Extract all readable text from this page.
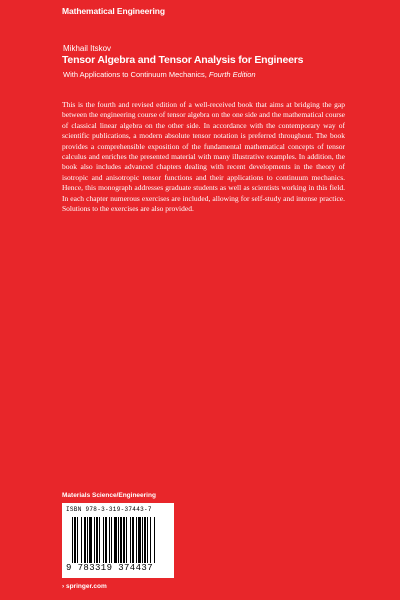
Mathematical Engineering
Mikhail Itskov
Tensor Algebra and Tensor Analysis for Engineers
With Applications to Continuum Mechanics, Fourth Edition
This is the fourth and revised edition of a well-received book that aims at bridging the gap between the engineering course of tensor algebra on the one side and the mathematical course of classical linear algebra on the other side. In accordance with the contemporary way of scientific publications, a modern absolute tensor notation is preferred throughout. The book provides a comprehensible exposition of the fundamental mathematical concepts of tensor calculus and enriches the presented material with many illustrative examples. In addition, the book also includes advanced chapters dealing with recent developments in the theory of isotropic and anisotropic tensor functions and their applications to continuum mechanics. Hence, this monograph addresses graduate students as well as scientists working in this field. In each chapter numerous exercises are included, allowing for self-study and intense practice. Solutions to the exercises are also provided.
Materials Science/Engineering
ISBN 978-3-319-37443-7
9 783319 374437
› springer.com
